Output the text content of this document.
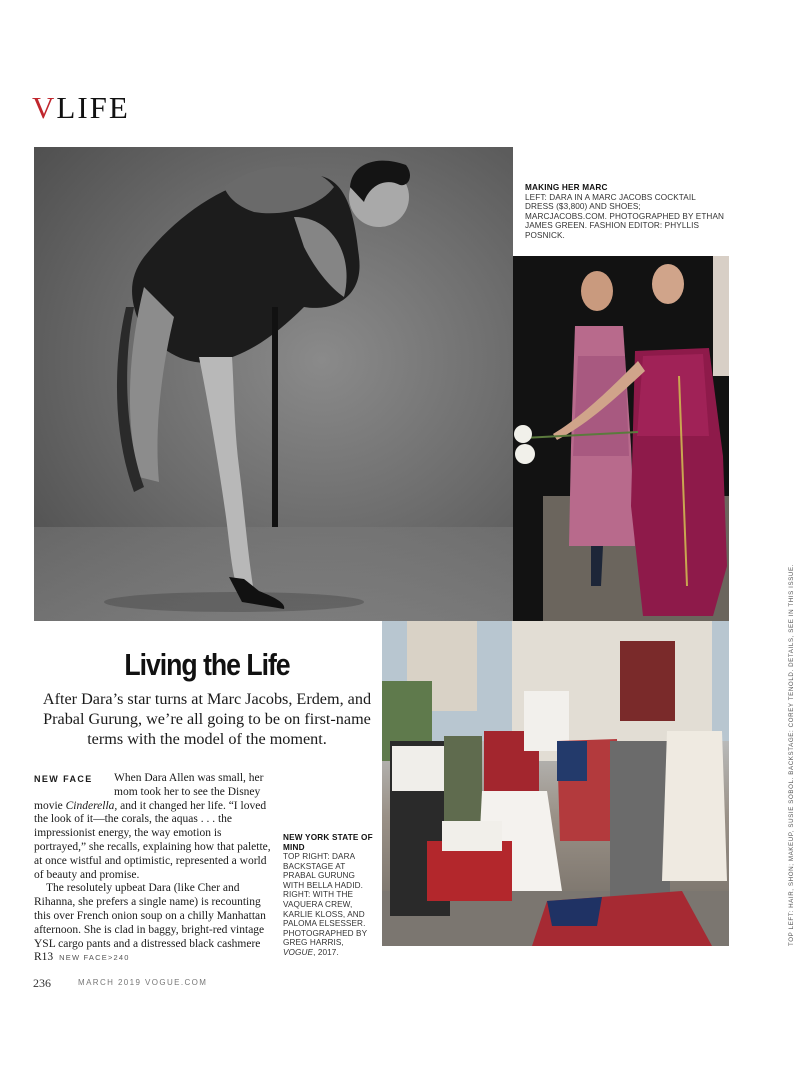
VLIFE
MAKING HER MARC
LEFT: DARA IN A MARC JACOBS COCKTAIL DRESS ($3,800) AND SHOES; MARCJACOBS.COM. PHOTOGRAPHED BY ETHAN JAMES GREEN. FASHION EDITOR: PHYLLIS POSNICK.
Living the Life
After Dara’s star turns at Marc Jacobs, Erdem, and Prabal Gurung, we’re all going to be on first-name terms with the model of the moment.

NEW FACE	When Dara Allen was small, her mom took her to see the Disney movie Cinderella, and it changed her life. “I loved the look of it—the corals, the aquas . . . the impressionist energy, the way emotion is portrayed,” she recalls, explaining how that palette, at once wistful and optimistic, represented a world of beauty and promise.

The resolutely upbeat Dara (like Cher and Rihanna, she prefers a single name) is recounting this over French onion soup on a chilly Manhattan afternoon. She is clad in baggy, bright-red vintage YSL cargo pants and a distressed black cashmere R13 NEW FACE>240

NEW YORK STATE OF MIND
TOP RIGHT: DARA BACKSTAGE AT PRABAL GURUNG WITH BELLA HADID. RIGHT: WITH THE VAQUERA CREW, KARLIE KLOSS, AND PALOMA ELSESSER. PHOTOGRAPHED BY GREG HARRIS, VOGUE, 2017.
236	MARCH 2019 VOGUE.COM
TOP LEFT: HAIR, SHON; MAKEUP, SUSIE SOBOL. BACKSTAGE: COREY TENOLD. DETAILS, SEE IN THIS ISSUE.
